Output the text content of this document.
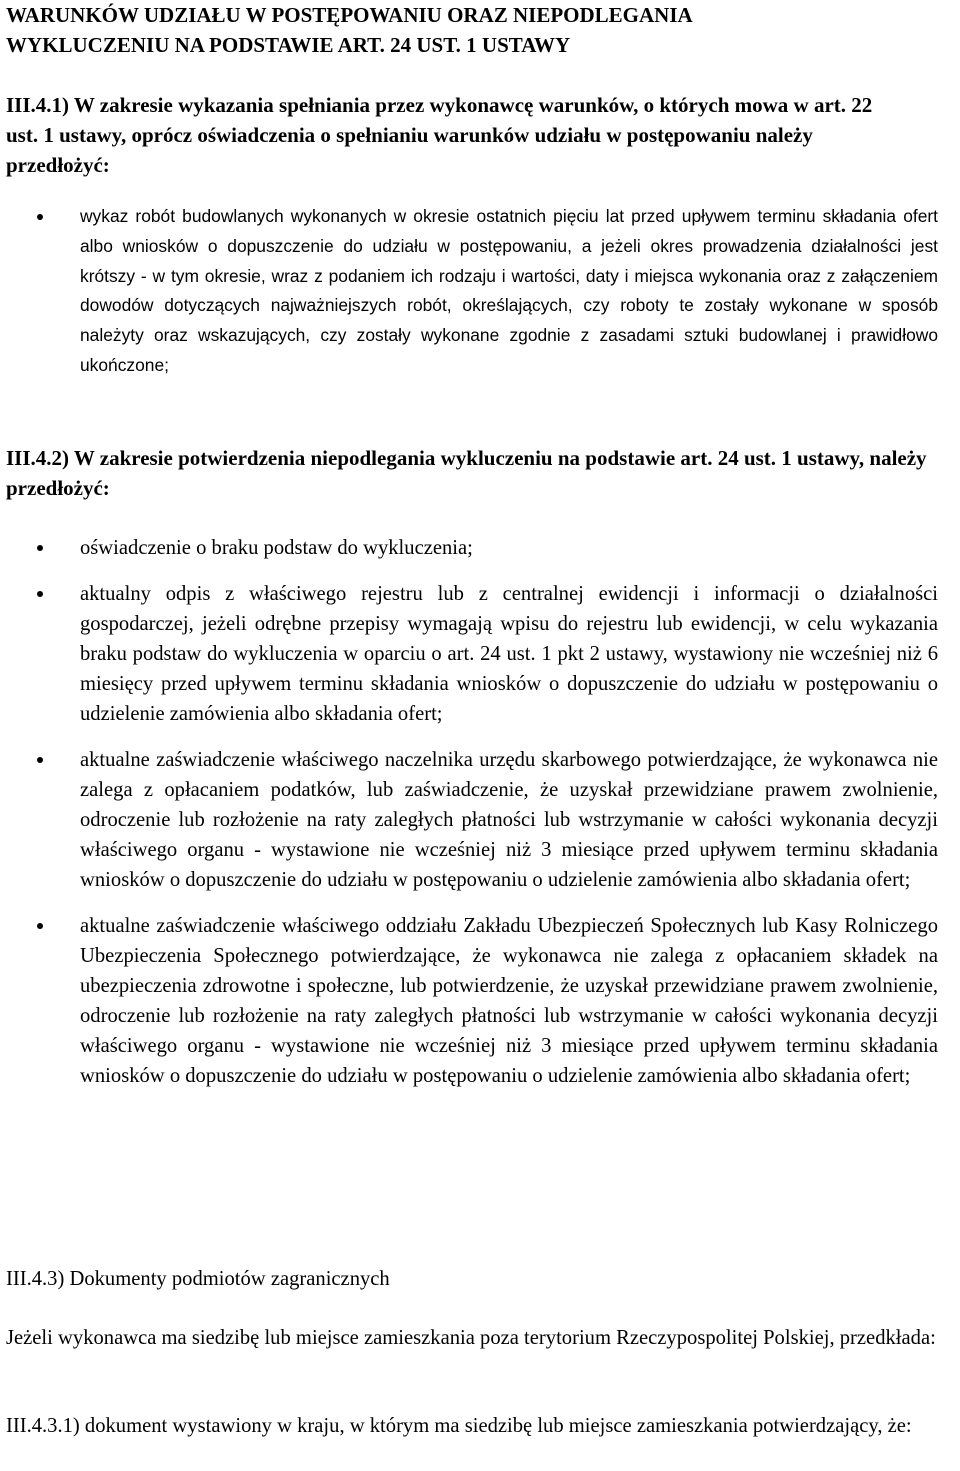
WARUNKÓW UDZIAŁU W POSTĘPOWANIU ORAZ NIEPODLEGANIA
WYKLUCZENIU NA PODSTAWIE ART. 24 UST. 1 USTAWY
III.4.1) W zakresie wykazania spełniania przez wykonawcę warunków, o których mowa w art. 22 ust. 1 ustawy, oprócz oświadczenia o spełnianiu warunków udziału w postępowaniu należy przedłożyć:
wykaz robót budowlanych wykonanych w okresie ostatnich pięciu lat przed upływem terminu składania ofert albo wniosków o dopuszczenie do udziału w postępowaniu, a jeżeli okres prowadzenia działalności jest krótszy - w tym okresie, wraz z podaniem ich rodzaju i wartości, daty i miejsca wykonania oraz z załączeniem dowodów dotyczących najważniejszych robót, określających, czy roboty te zostały wykonane w sposób należyty oraz wskazujących, czy zostały wykonane zgodnie z zasadami sztuki budowlanej i prawidłowo ukończone;
III.4.2) W zakresie potwierdzenia niepodlegania wykluczeniu na podstawie art. 24 ust. 1 ustawy, należy przedłożyć:
oświadczenie o braku podstaw do wykluczenia;
aktualny odpis z właściwego rejestru lub z centralnej ewidencji i informacji o działalności gospodarczej, jeżeli odrębne przepisy wymagają wpisu do rejestru lub ewidencji, w celu wykazania braku podstaw do wykluczenia w oparciu o art. 24 ust. 1 pkt 2 ustawy, wystawiony nie wcześniej niż 6 miesięcy przed upływem terminu składania wniosków o dopuszczenie do udziału w postępowaniu o udzielenie zamówienia albo składania ofert;
aktualne zaświadczenie właściwego naczelnika urzędu skarbowego potwierdzające, że wykonawca nie zalega z opłacaniem podatków, lub zaświadczenie, że uzyskał przewidziane prawem zwolnienie, odroczenie lub rozłożenie na raty zaległych płatności lub wstrzymanie w całości wykonania decyzji właściwego organu - wystawione nie wcześniej niż 3 miesiące przed upływem terminu składania wniosków o dopuszczenie do udziału w postępowaniu o udzielenie zamówienia albo składania ofert;
aktualne zaświadczenie właściwego oddziału Zakładu Ubezpieczeń Społecznych lub Kasy Rolniczego Ubezpieczenia Społecznego potwierdzające, że wykonawca nie zalega z opłacaniem składek na ubezpieczenia zdrowotne i społeczne, lub potwierdzenie, że uzyskał przewidziane prawem zwolnienie, odroczenie lub rozłożenie na raty zaległych płatności lub wstrzymanie w całości wykonania decyzji właściwego organu - wystawione nie wcześniej niż 3 miesiące przed upływem terminu składania wniosków o dopuszczenie do udziału w postępowaniu o udzielenie zamówienia albo składania ofert;
III.4.3) Dokumenty podmiotów zagranicznych
Jeżeli wykonawca ma siedzibę lub miejsce zamieszkania poza terytorium Rzeczypospolitej Polskiej, przedkłada:
III.4.3.1) dokument wystawiony w kraju, w którym ma siedzibę lub miejsce zamieszkania potwierdzający, że:
